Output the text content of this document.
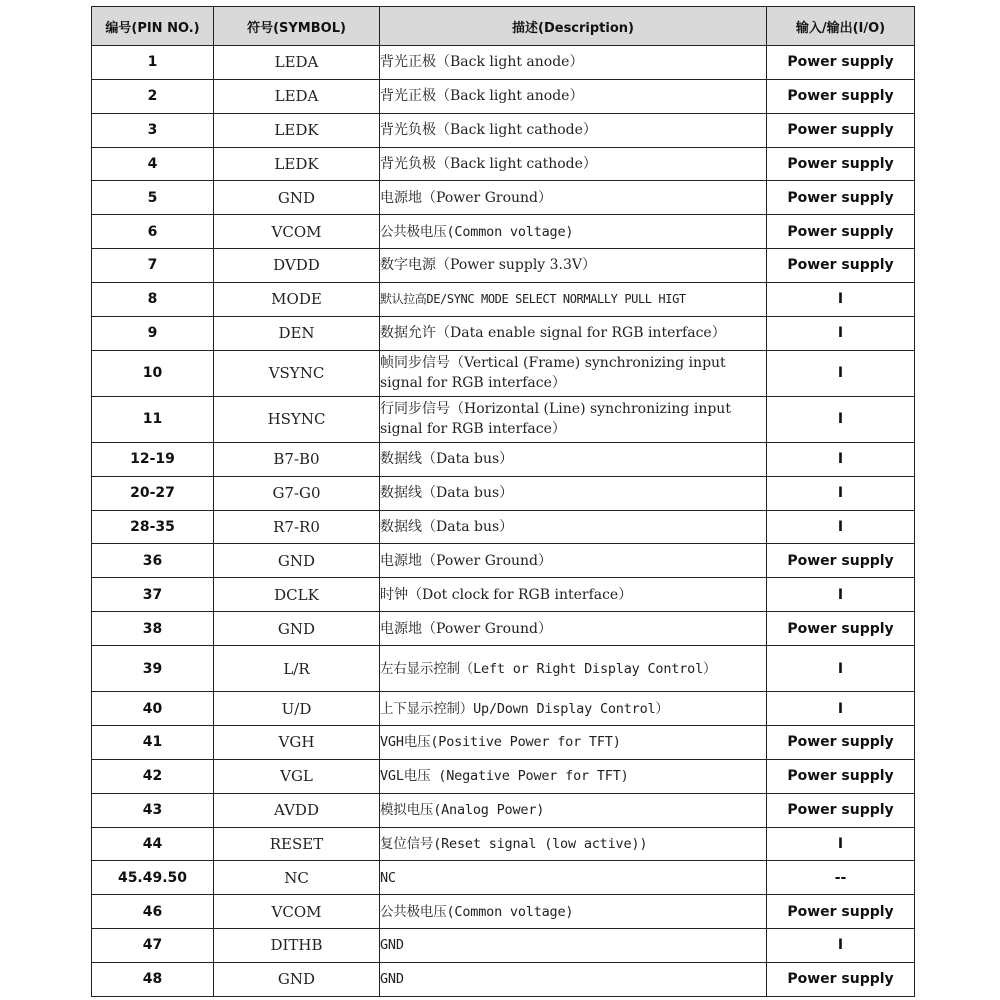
编号(PIN NO.)	符号(SYMBOL)	描述(Description)	输入/输出(I/O)
1	LEDA	背光正极（Back light anode）	Power supply
2	LEDA	背光正极（Back light anode）	Power supply
3	LEDK	背光负极（Back light cathode）	Power supply
4	LEDK	背光负极（Back light cathode）	Power supply
5	GND	电源地（Power Ground）	Power supply
6	VCOM	公共极电压(Common voltage)	Power supply
7	DVDD	数字电源（Power supply 3.3V）	Power supply
8	MODE	默认拉高DE/SYNC MODE SELECT NORMALLY PULL HIGT	I
9	DEN	数据允许（Data enable signal for RGB interface）	I
10	VSYNC	帧同步信号（Vertical (Frame) synchronizing input signal for RGB interface）	I
11	HSYNC	行同步信号（Horizontal (Line) synchronizing input signal for RGB interface）	I
12-19	B7-B0	数据线（Data bus）	I
20-27	G7-G0	数据线（Data bus）	I
28-35	R7-R0	数据线（Data bus）	I
36	GND	电源地（Power Ground）	Power supply
37	DCLK	时钟（Dot clock for RGB interface）	I
38	GND	电源地（Power Ground）	Power supply
39	L/R	左右显示控制（Left or Right Display Control）	I
40	U/D	上下显示控制）Up/Down Display Control）	I
41	VGH	VGH电压(Positive Power for TFT)	Power supply
42	VGL	VGL电压 (Negative Power for TFT)	Power supply
43	AVDD	模拟电压(Analog Power)	Power supply
44	RESET	复位信号(Reset signal (low active))	I
45.49.50	NC	NC	--
46	VCOM	公共极电压(Common voltage)	Power supply
47	DITHB	GND	I
48	GND	GND	Power supply
